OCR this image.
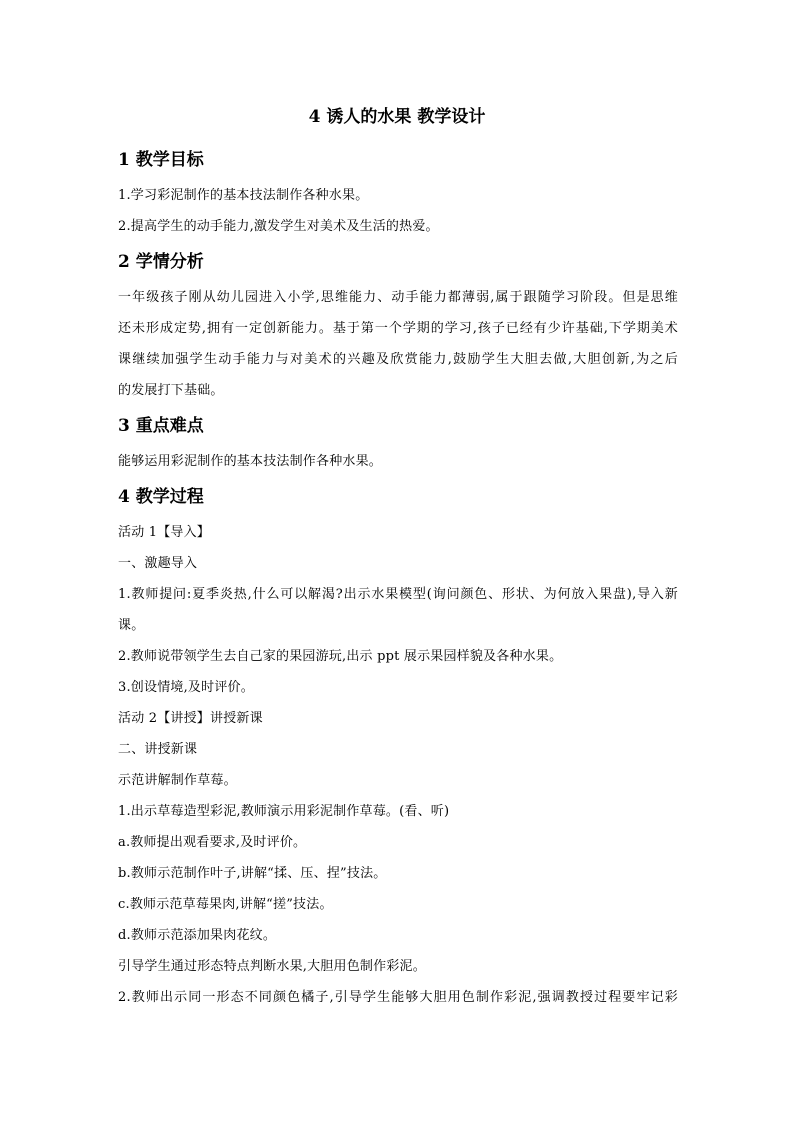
4 诱人的水果 教学设计
1 教学目标

1.学习彩泥制作的基本技法制作各种水果。

2.提高学生的动手能力,激发学生对美术及生活的热爱。

2 学情分析

一年级孩子刚从幼儿园进入小学,思维能力、动手能力都薄弱,属于跟随学习阶段。但是思维

还未形成定势,拥有一定创新能力。基于第一个学期的学习,孩子已经有少许基础,下学期美术

课继续加强学生动手能力与对美术的兴趣及欣赏能力,鼓励学生大胆去做,大胆创新,为之后

的发展打下基础。

3 重点难点

能够运用彩泥制作的基本技法制作各种水果。

4 教学过程

活动 1【导入】

一、激趣导入

1.教师提问:夏季炎热,什么可以解渴?出示水果模型(询问颜色、形状、为何放入果盘),导入新

课。

2.教师说带领学生去自己家的果园游玩,出示 ppt 展示果园样貌及各种水果。

3.创设情境,及时评价。

活动 2【讲授】讲授新课

二、讲授新课

示范讲解制作草莓。

1.出示草莓造型彩泥,教师演示用彩泥制作草莓。(看、听)

a.教师提出观看要求,及时评价。

b.教师示范制作叶子,讲解“揉、压、捏”技法。

c.教师示范草莓果肉,讲解“搓”技法。

d.教师示范添加果肉花纹。

引导学生通过形态特点判断水果,大胆用色制作彩泥。

2.教师出示同一形态不同颜色橘子,引导学生能够大胆用色制作彩泥,强调教授过程要牢记彩
